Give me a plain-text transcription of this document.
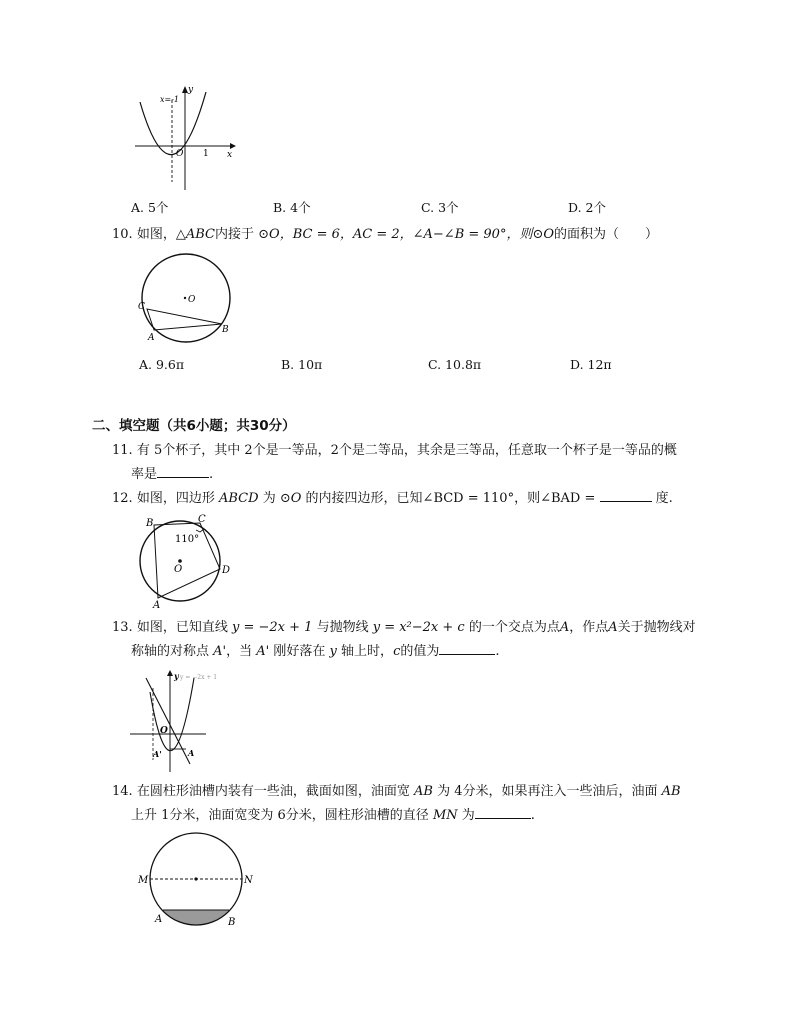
x=-1
y
x
O 1
A. 5个	B. 4个	C. 3个	D. 2个
10. 如图，△ABC内接于 ⊙O，BC = 6，AC = 2，∠A−∠B = 90°，则⊙O的面积为（　　）
O
C
A
B
A. 9.6π	B. 10π	C. 10.8π	D. 12π
二、填空题（共6小题；共30分）
11. 有 5个杯子，其中 2个是一等品，2个是二等品，其余是三等品，任意取一个杯子是一等品的概
率是	.
12. 如图，四边形 ABCD 为 ⊙O 的内接四边形，已知∠BCD = 110°，则∠BAD =	度.
B	C
110°
O	D
A
13. 如图，已知直线 y = −2x + 1 与抛物线 y = x²−2x + c 的一个交点为点A，作点A关于抛物线对
称轴的对称点 A'，当 A' 刚好落在 y 轴上时，c的值为	.
y y = −2x + 1
O
A'	A
14. 在圆柱形油槽内装有一些油，截面如图，油面宽 AB 为 4分米，如果再注入一些油后，油面 AB
上升 1分米，油面宽变为 6分米，圆柱形油槽的直径 MN 为	.
M	N
A	B
